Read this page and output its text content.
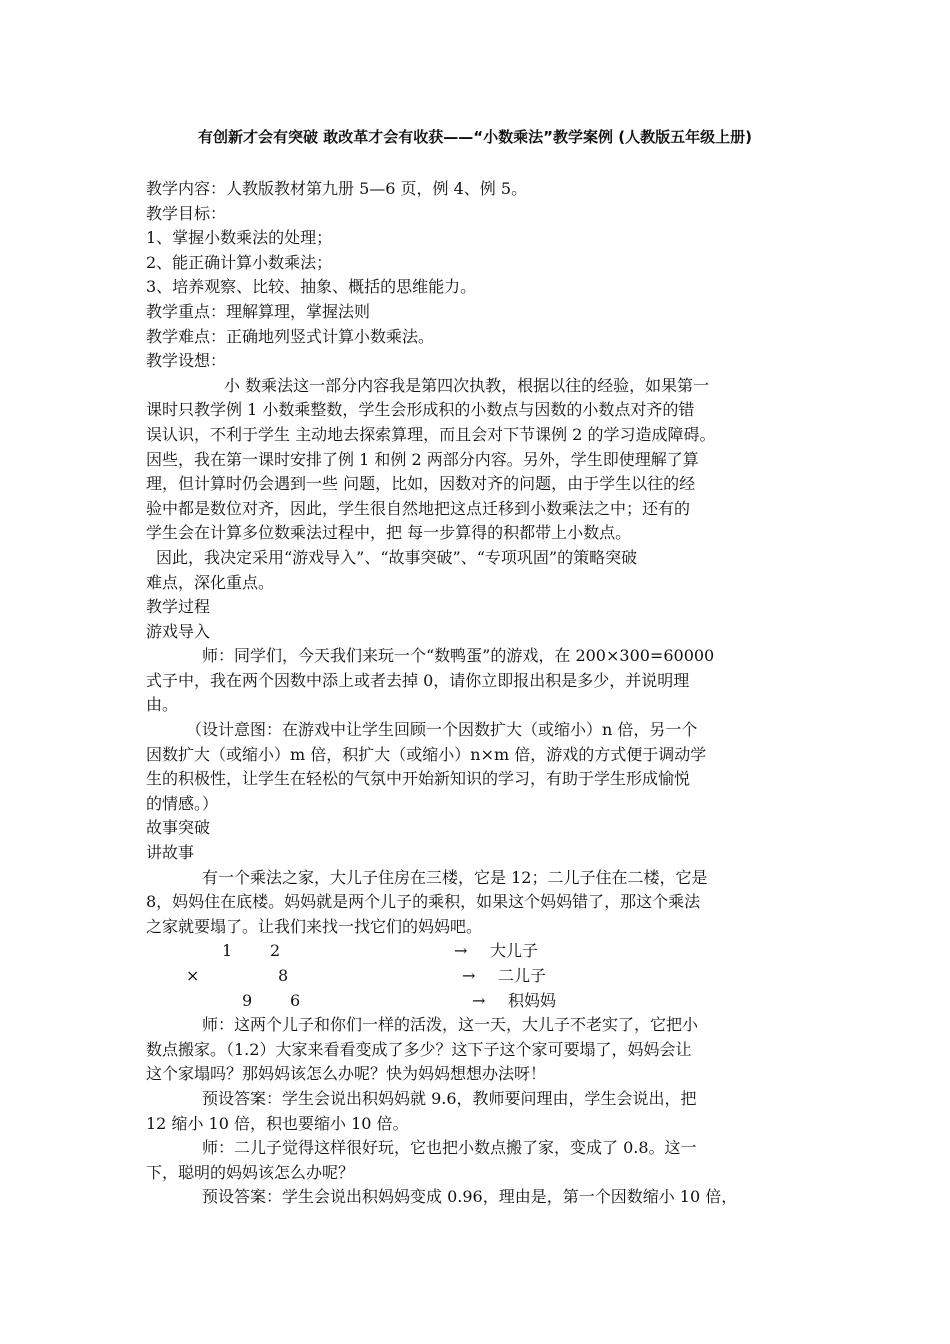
有创新才会有突破 敢改革才会有收获——“小数乘法”教学案例 (人教版五年级上册)

教学内容：人教版教材第九册 5—6 页，例 4、例 5。

教学目标：

1、掌握小数乘法的处理；

2、能正确计算小数乘法；

3、培养观察、比较、抽象、概括的思维能力。

教学重点：理解算理，掌握法则

教学难点：正确地列竖式计算小数乘法。

教学设想：

小 数乘法这一部分内容我是第四次执教，根据以往的经验，如果第一

课时只教学例 1 小数乘整数，学生会形成积的小数点与因数的小数点对齐的错

误认识，不利于学生 主动地去探索算理，而且会对下节课例 2 的学习造成障碍。

因些，我在第一课时安排了例 1 和例 2 两部分内容。另外，学生即使理解了算

理，但计算时仍会遇到一些 问题，比如，因数对齐的问题，由于学生以往的经

验中都是数位对齐，因此，学生很自然地把这点迁移到小数乘法之中；还有的

学生会在计算多位数乘法过程中，把 每一步算得的积都带上小数点。

因此，我决定采用“游戏导入”、“故事突破”、“专项巩固”的策略突破

难点，深化重点。

教学过程

游戏导入

师：同学们，今天我们来玩一个“数鸭蛋”的游戏，在 200×300=60000

式子中，我在两个因数中添上或者去掉 0，请你立即报出积是多少，并说明理

由。

（设计意图：在游戏中让学生回顾一个因数扩大（或缩小）n 倍，另一个

因数扩大（或缩小）m 倍，积扩大（或缩小）n×m 倍，游戏的方式便于调动学

生的积极性，让学生在轻松的气氛中开始新知识的学习，有助于学生形成愉悦

的情感。）

故事突破

讲故事

有一个乘法之家，大儿子住房在三楼，它是 12；二儿子住在二楼，它是

8，妈妈住在底楼。妈妈就是两个儿子的乘积，如果这个妈妈错了，那这个乘法

之家就要塌了。让我们来找一找它们的妈妈吧。

1 2	→ 大儿子
×	8	→ 二儿子
9 6	→ 积妈妈

师：这两个儿子和你们一样的活泼，这一天，大儿子不老实了，它把小

数点搬家。（1.2）大家来看看变成了多少？这下子这个家可要塌了，妈妈会让

这个家塌吗？那妈妈该怎么办呢？快为妈妈想想办法呀！

预设答案：学生会说出积妈妈就 9.6，教师要问理由，学生会说出，把

12 缩小 10 倍，积也要缩小 10 倍。

师：二儿子觉得这样很好玩，它也把小数点搬了家，变成了 0.8。这一

下，聪明的妈妈该怎么办呢？

预设答案：学生会说出积妈妈变成 0.96，理由是，第一个因数缩小 10 倍，
